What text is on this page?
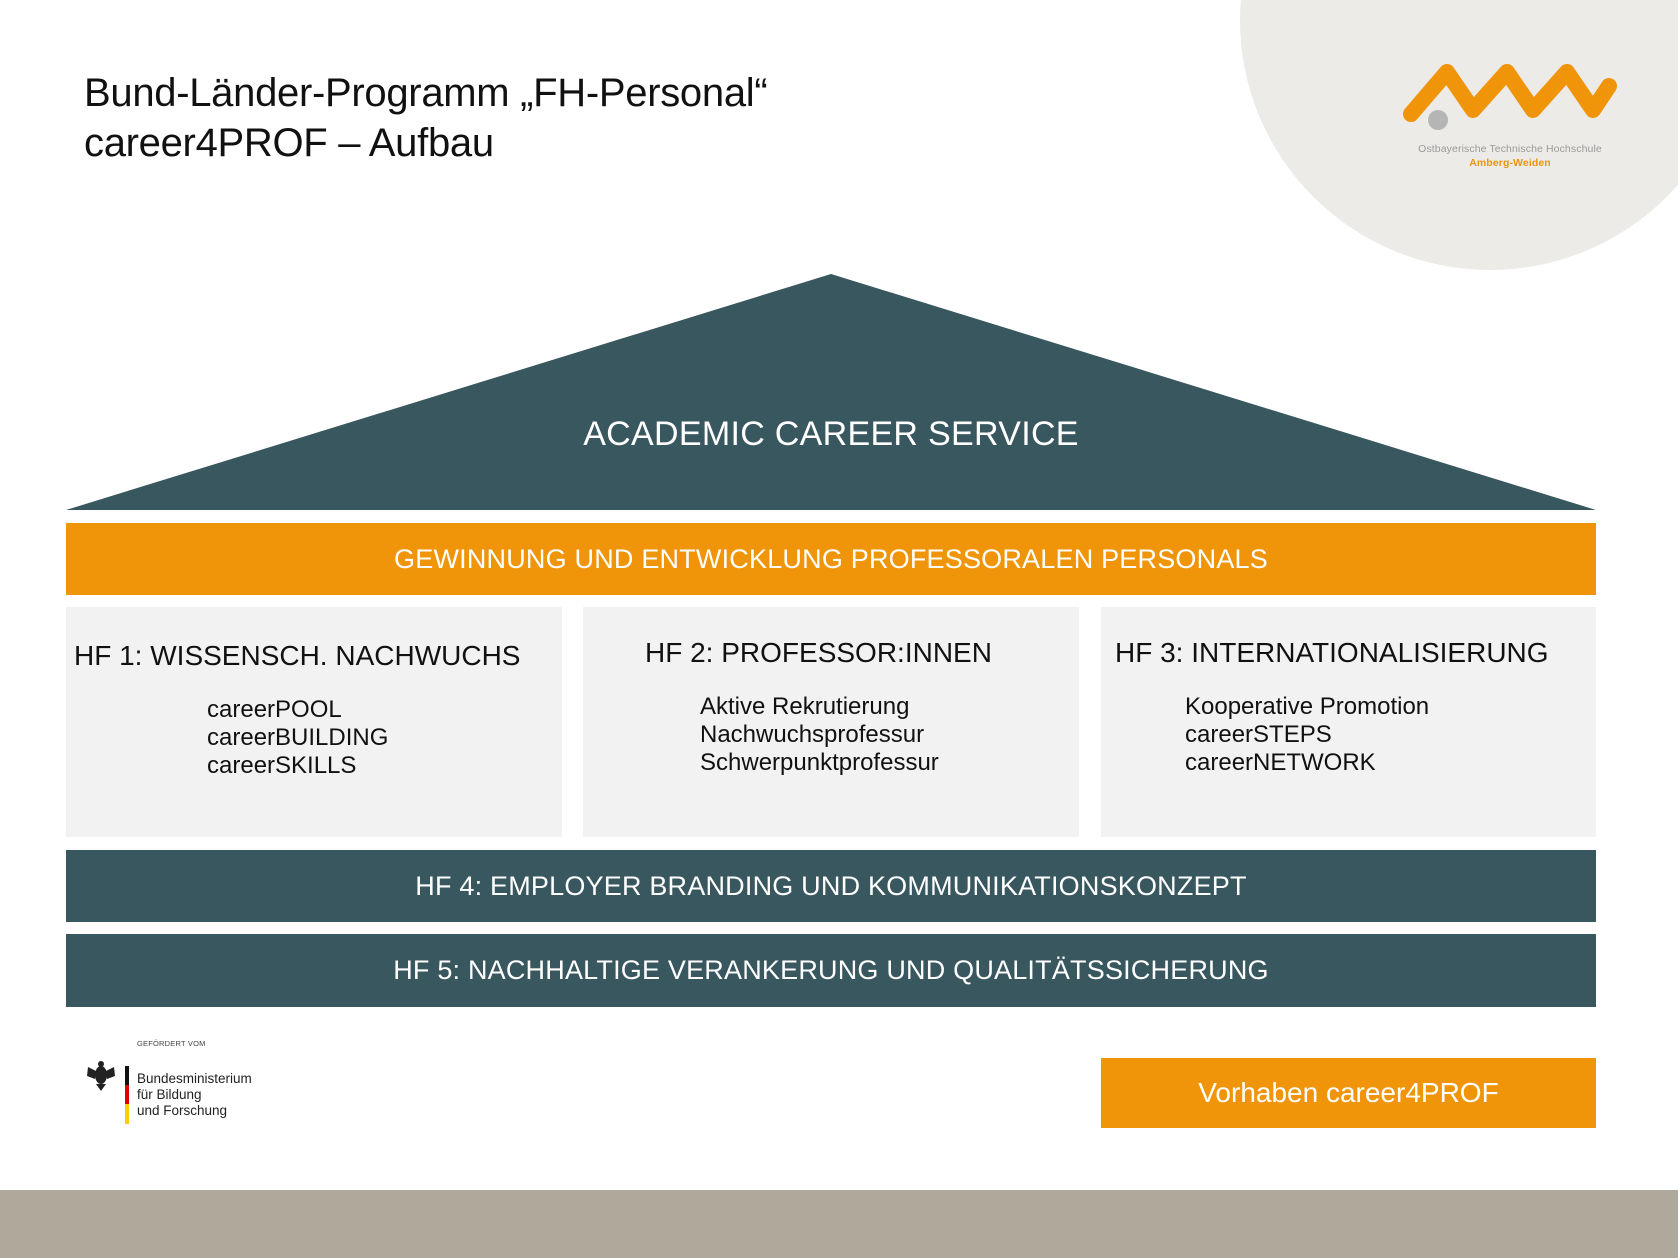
Bund-Länder-Programm „FH-Personal“
career4PROF – Aufbau	Ostbayerische Technische Hochschule
Amberg-Weiden
ACADEMIC CAREER SERVICE
GEWINNUNG UND ENTWICKLUNG PROFESSORALEN PERSONALS
HF 1: WISSENSCH. NACHWUCHS
careerPOOL
careerBUILDING
careerSKILLS
HF 2: PROFESSOR:INNEN
Aktive Rekrutierung
Nachwuchsprofessur
Schwerpunktprofessur
HF 3: INTERNATIONALISIERUNG
Kooperative Promotion
careerSTEPS
careerNETWORK
HF 4: EMPLOYER BRANDING UND KOMMUNIKATIONSKONZEPT
HF 5: NACHHALTIGE VERANKERUNG UND QUALITÄTSSICHERUNG
GEFÖRDERT VOM
Bundesministerium
für Bildung
und Forschung
Vorhaben career4PROF
